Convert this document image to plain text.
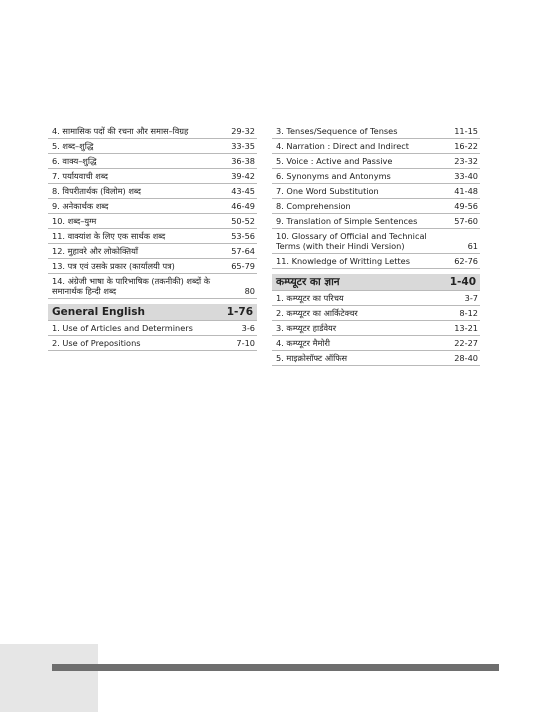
4. सामासिक पदों की रचना और समास–विग्रह	29-32
5. शब्द–शुद्धि	33-35
6. वाक्य–शुद्धि	36-38
7. पर्यायवाची शब्द	39-42
8. विपरीतार्थक (विलोम) शब्द	43-45
9. अनेकार्थक शब्द	46-49
10. शब्द–युग्म	50-52
11. वाक्यांश के लिए एक सार्थक शब्द	53-56
12. मुहावरे और लोकोक्तियाँ	57-64
13. पत्र एवं उसके प्रकार (कार्यालयी पत्र)	65-79
14. अंग्रेजी भाषा के पारिभाषिक (तकनीकी) शब्दों के समानार्थक हिन्दी शब्द	80
General English	1-76
1. Use of Articles and Determiners	3-6
2. Use of Prepositions	7-10
3. Tenses/Sequence of Tenses	11-15
4. Narration : Direct and Indirect	16-22
5. Voice : Active and Passive	23-32
6. Synonyms and Antonyms	33-40
7. One Word Substitution	41-48
8. Comprehension	49-56
9. Translation of Simple Sentences	57-60
10. Glossary of Official and Technical Terms (with their Hindi Version)	61
11. Knowledge of Writting Lettes	62-76
कम्प्यूटर का ज्ञान	1-40
1. कम्प्यूटर का परिचय	3-7
2. कम्प्यूटर का आर्किटेक्चर	8-12
3. कम्प्यूटर हार्डवेयर	13-21
4. कम्प्यूटर मैमोरी	22-27
5. माइक्रोसॉफ्ट ऑफिस	28-40
